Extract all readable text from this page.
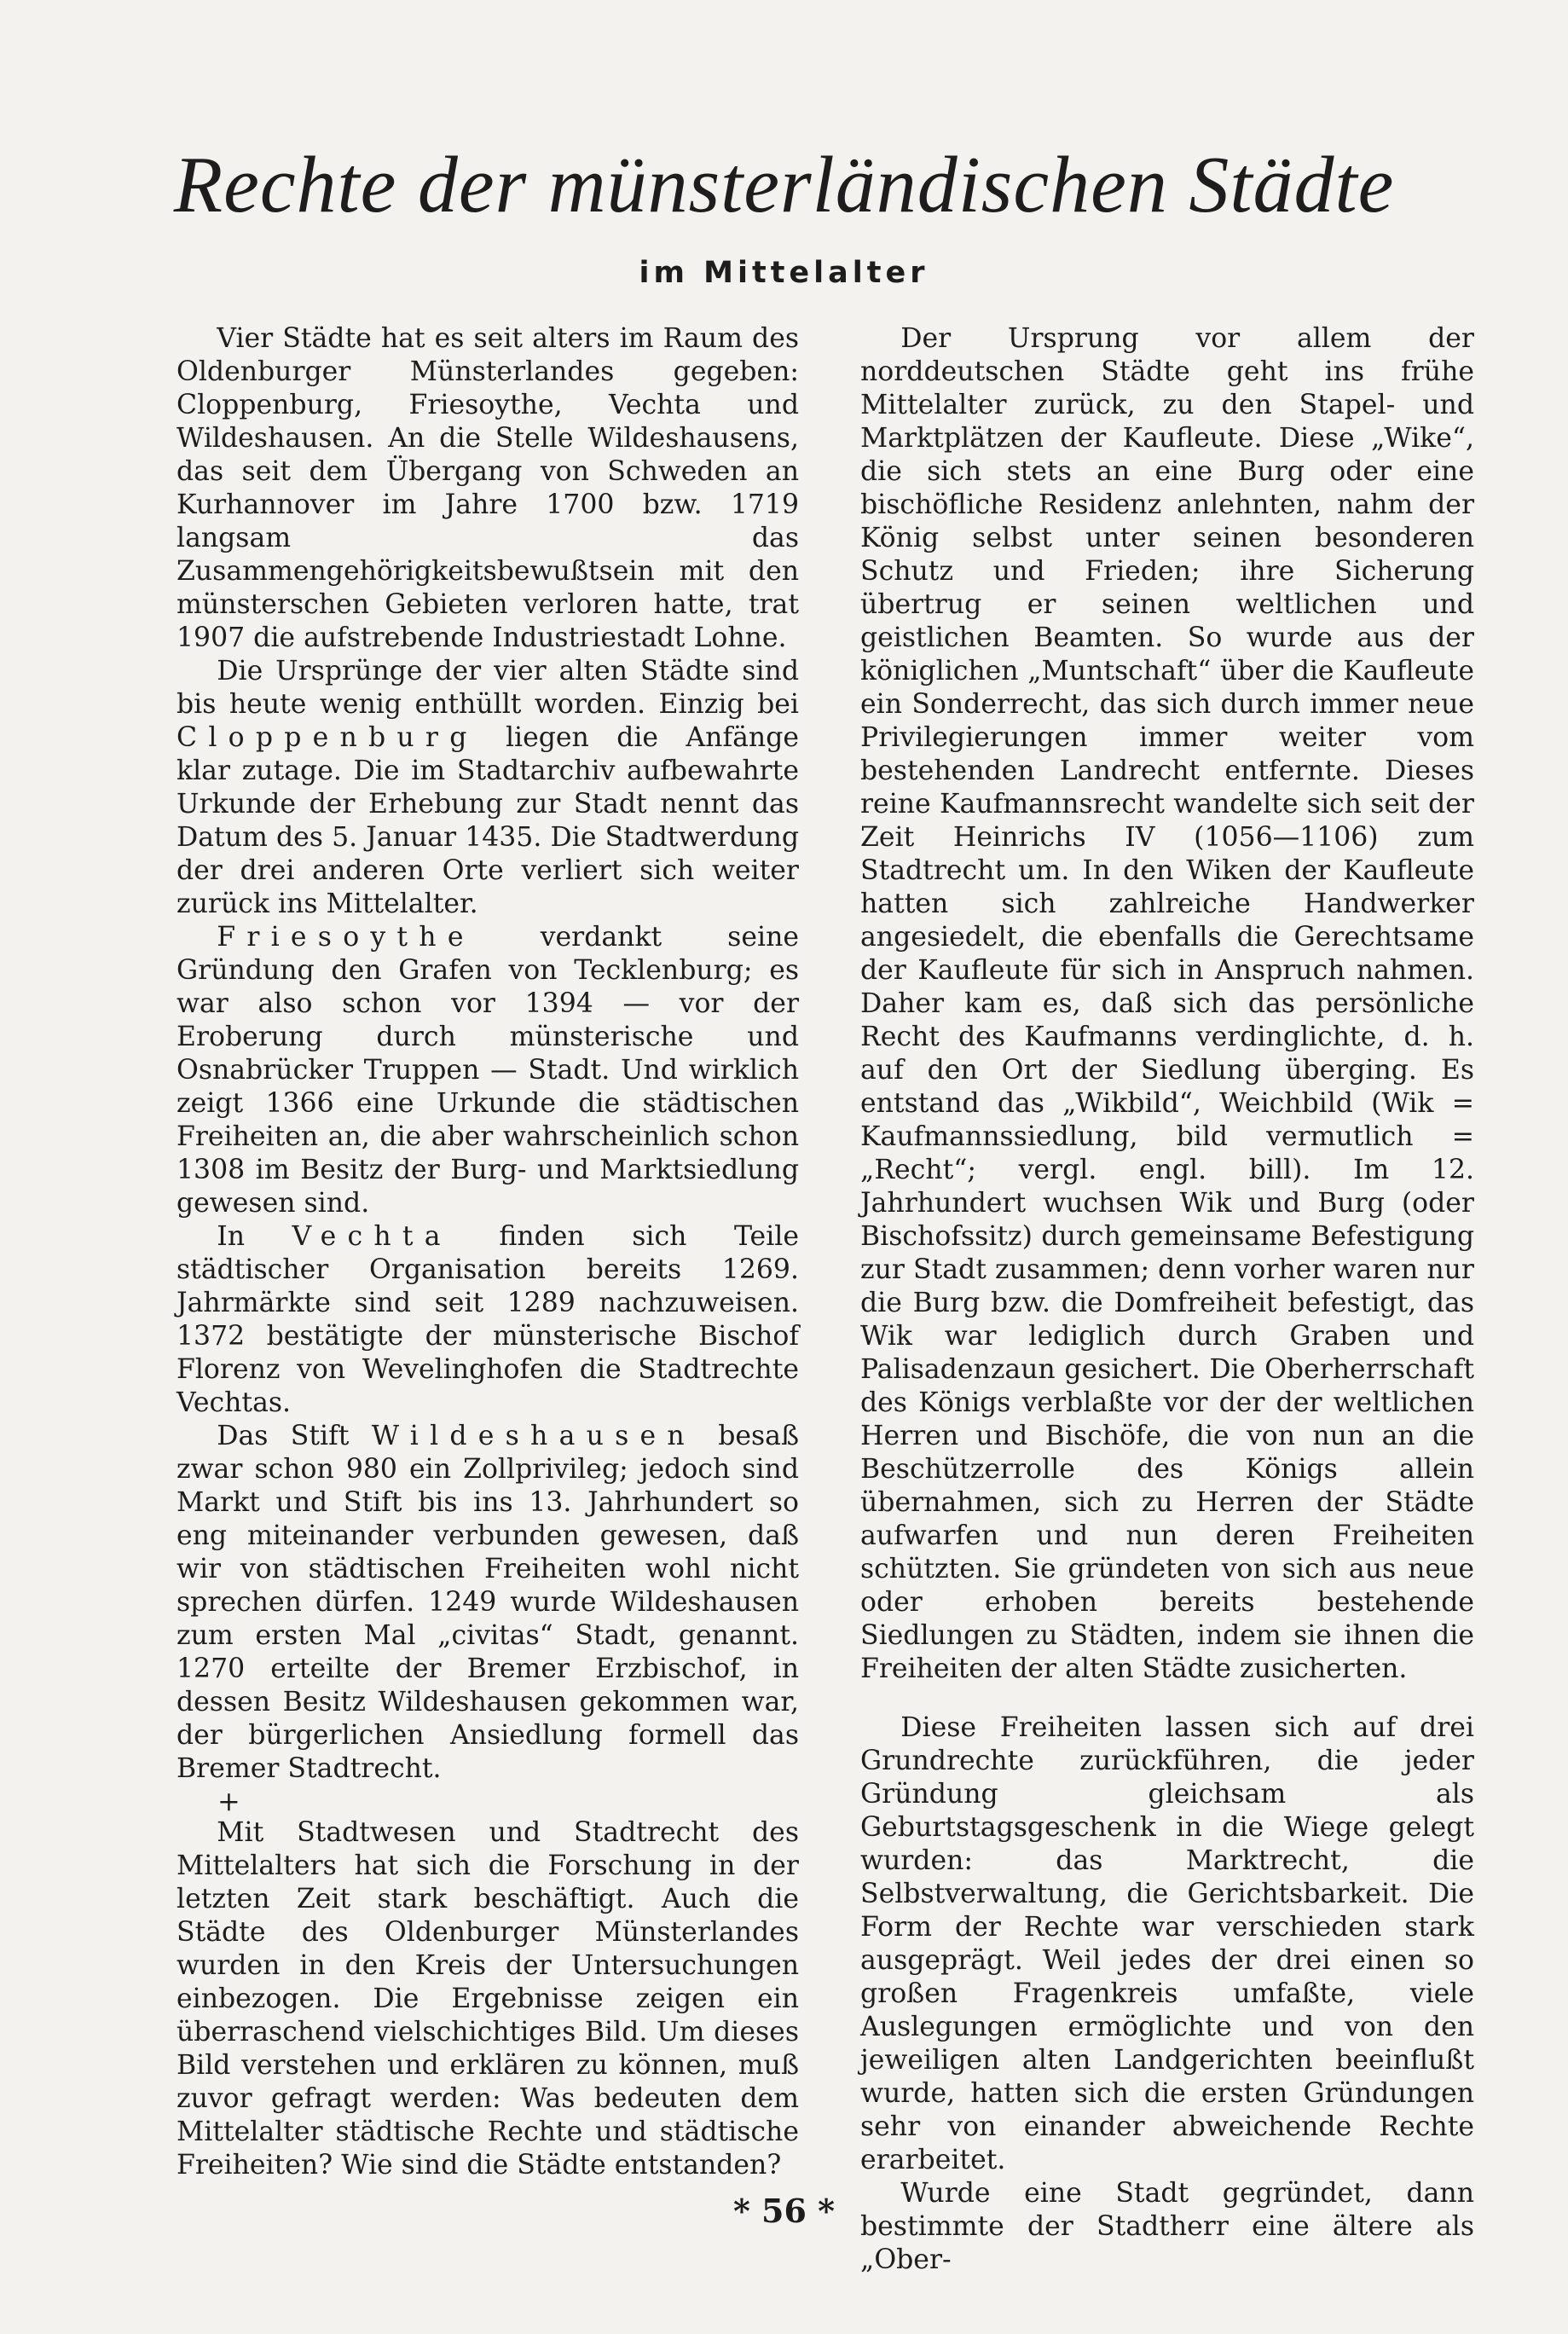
Rechte der münsterländischen Städte
im Mittelalter

Vier Städte hat es seit alters im Raum des Oldenburger Münsterlandes gegeben: Cloppenburg, Friesoythe, Vechta und Wildeshausen. An die Stelle Wildeshausens, das seit dem Übergang von Schweden an Kurhannover im Jahre 1700 bzw. 1719 langsam das Zusammengehörigkeitsbewußtsein mit den münsterschen Gebieten verloren hatte, trat 1907 die aufstrebende Industriestadt Lohne.

Die Ursprünge der vier alten Städte sind bis heute wenig enthüllt worden. Einzig bei Cloppenburg liegen die Anfänge klar zutage. Die im Stadtarchiv aufbewahrte Urkunde der Erhebung zur Stadt nennt das Datum des 5. Januar 1435. Die Stadtwerdung der drei anderen Orte verliert sich weiter zurück ins Mittelalter.

Friesoythe verdankt seine Gründung den Grafen von Tecklenburg; es war also schon vor 1394 — vor der Eroberung durch münsterische und Osnabrücker Truppen — Stadt. Und wirklich zeigt 1366 eine Urkunde die städtischen Freiheiten an, die aber wahrscheinlich schon 1308 im Besitz der Burg- und Marktsiedlung gewesen sind.

In Vechta finden sich Teile städtischer Organisation bereits 1269. Jahrmärkte sind seit 1289 nachzuweisen. 1372 bestätigte der münsterische Bischof Florenz von Wevelinghofen die Stadtrechte Vechtas.

Das Stift Wildeshausen besaß zwar schon 980 ein Zollprivileg; jedoch sind Markt und Stift bis ins 13. Jahrhundert so eng miteinander verbunden gewesen, daß wir von städtischen Freiheiten wohl nicht sprechen dürfen. 1249 wurde Wildeshausen zum ersten Mal „civitas“ Stadt, genannt. 1270 erteilte der Bremer Erzbischof, in dessen Besitz Wildeshausen gekommen war, der bürgerlichen Ansiedlung formell das Bremer Stadtrecht.

+

Mit Stadtwesen und Stadtrecht des Mittelalters hat sich die Forschung in der letzten Zeit stark beschäftigt. Auch die Städte des Oldenburger Münsterlandes wurden in den Kreis der Untersuchungen einbezogen. Die Ergebnisse zeigen ein überraschend vielschichtiges Bild. Um dieses Bild verstehen und erklären zu können, muß zuvor gefragt werden: Was bedeuten dem Mittelalter städtische Rechte und städtische Freiheiten? Wie sind die Städte entstanden?

Der Ursprung vor allem der norddeutschen Städte geht ins frühe Mittelalter zurück, zu den Stapel- und Marktplätzen der Kaufleute. Diese „Wike“, die sich stets an eine Burg oder eine bischöfliche Residenz anlehnten, nahm der König selbst unter seinen besonderen Schutz und Frieden; ihre Sicherung übertrug er seinen weltlichen und geistlichen Beamten. So wurde aus der königlichen „Muntschaft“ über die Kaufleute ein Sonderrecht, das sich durch immer neue Privilegierungen immer weiter vom bestehenden Landrecht entfernte. Dieses reine Kaufmannsrecht wandelte sich seit der Zeit Heinrichs IV (1056—1106) zum Stadtrecht um. In den Wiken der Kaufleute hatten sich zahlreiche Handwerker angesiedelt, die ebenfalls die Gerechtsame der Kaufleute für sich in Anspruch nahmen. Daher kam es, daß sich das persönliche Recht des Kaufmanns verdinglichte, d. h. auf den Ort der Siedlung überging. Es entstand das „Wikbild“, Weichbild (Wik = Kaufmannssiedlung, bild vermutlich = „Recht“; vergl. engl. bill). Im 12. Jahrhundert wuchsen Wik und Burg (oder Bischofssitz) durch gemeinsame Befestigung zur Stadt zusammen; denn vorher waren nur die Burg bzw. die Domfreiheit befestigt, das Wik war lediglich durch Graben und Palisadenzaun gesichert. Die Oberherrschaft des Königs verblaßte vor der der weltlichen Herren und Bischöfe, die von nun an die Beschützerrolle des Königs allein übernahmen, sich zu Herren der Städte aufwarfen und nun deren Freiheiten schützten. Sie gründeten von sich aus neue oder erhoben bereits bestehende Siedlungen zu Städten, indem sie ihnen die Freiheiten der alten Städte zusicherten.

Diese Freiheiten lassen sich auf drei Grundrechte zurückführen, die jeder Gründung gleichsam als Geburtstagsgeschenk in die Wiege gelegt wurden: das Marktrecht, die Selbstverwaltung, die Gerichtsbarkeit. Die Form der Rechte war verschieden stark ausgeprägt. Weil jedes der drei einen so großen Fragenkreis umfaßte, viele Auslegungen ermöglichte und von den jeweiligen alten Landgerichten beeinflußt wurde, hatten sich die ersten Gründungen sehr von einander abweichende Rechte erarbeitet.

Wurde eine Stadt gegründet, dann bestimmte der Stadtherr eine ältere als „Ober-

* 56 *
